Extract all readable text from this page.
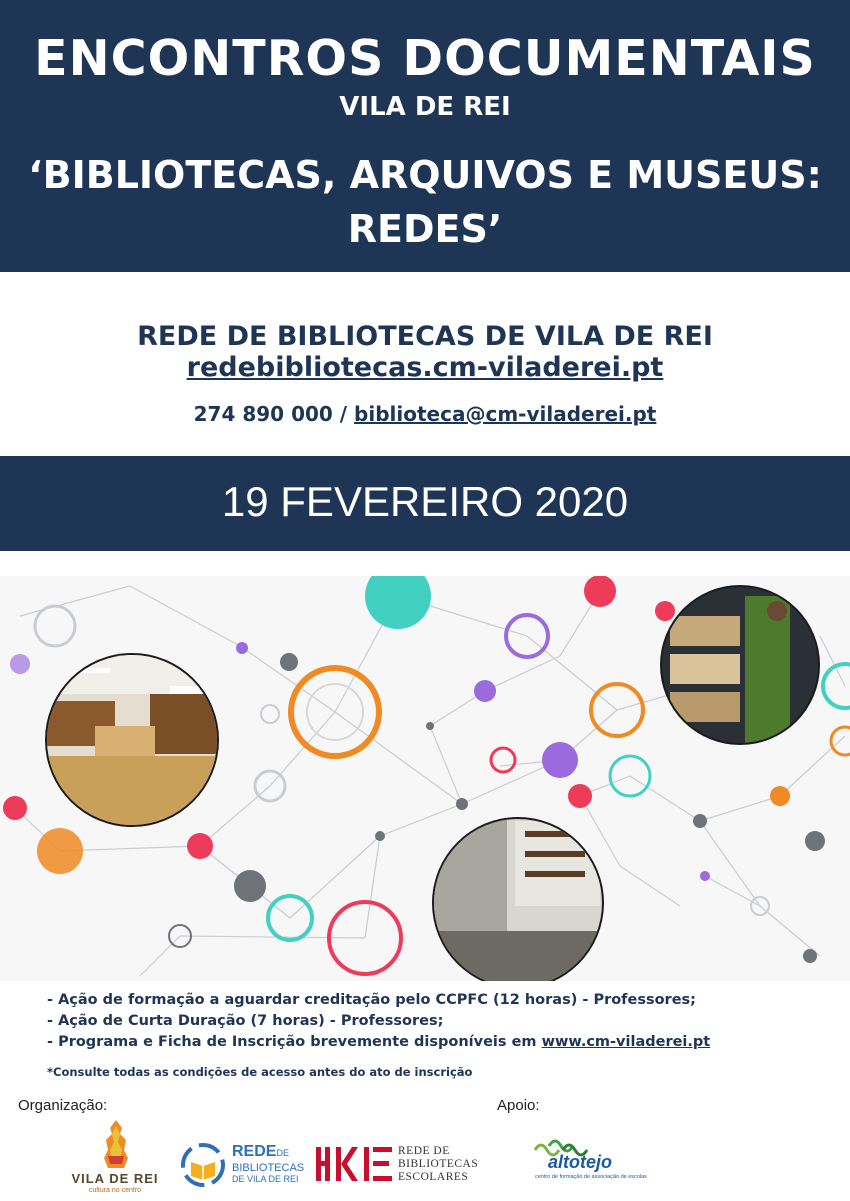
ENCONTROS DOCUMENTAIS
VILA DE REI
‘BIBLIOTECAS, ARQUIVOS E MUSEUS:
REDES’
REDE DE BIBLIOTECAS DE VILA DE REI
redebibliotecas.cm-viladerei.pt
274 890 000 / biblioteca@cm-viladerei.pt
19 FEVEREIRO 2020
- Ação de formação a aguardar creditação pelo CCPFC (12 horas) - Professores;
- Ação de Curta Duração (7 horas) - Professores;
- Programa e Ficha de Inscrição brevemente disponíveis em www.cm-viladerei.pt
*Consulte todas as condições de acesso antes do ato de inscrição
Organização:	Apoio:
VILA DE REI
cultura no centro
REDEDE
BIBLIOTECAS
DE VILA DE REI
REDE DE
BIBLIOTECAS
ESCOLARES
altotejo
centro de formação de associação de escolas
